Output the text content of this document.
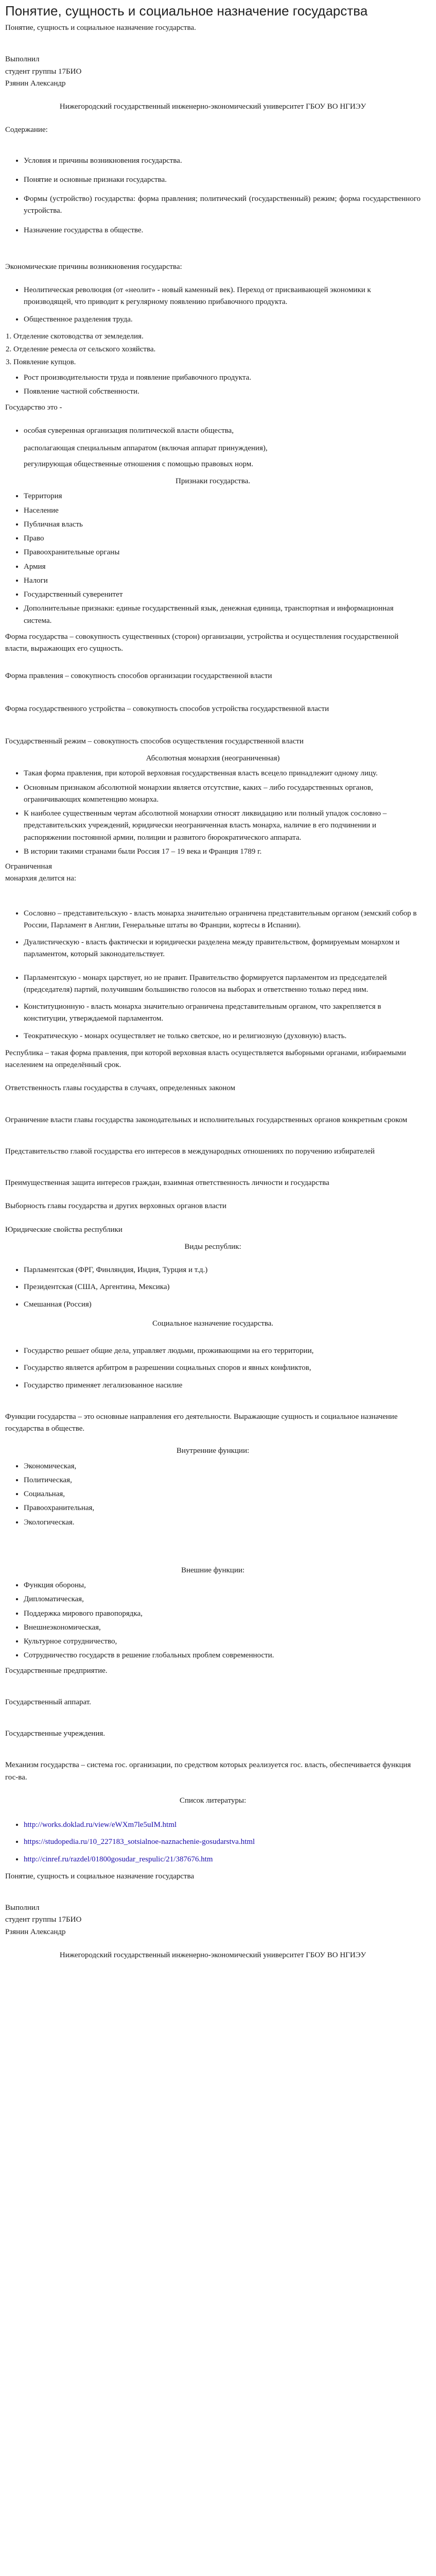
Понятие, сущность и социальное назначение государства

Понятие, сущность и социальное назначение государства.

Выполнил

студент группы 17БИО

Рзянин Александр

Нижегородский государственный инженерно-экономический университет ГБОУ ВО НГИЭУ

Содержание:

• Условия и причины возникновения государства.
• Понятие и основные признаки государства.
• Формы (устройство) государства: форма правления; политический (государственный) режим; форма государственного устройства.
• Назначение государства в обществе.

Экономические причины возникновения государства:

• Неолитическая революция (от «неолит» - новый каменный век). Переход от присваивающей экономики к производящей, что приводит к регулярному появлению прибавочного продукта.
• Общественное разделения труда.
1. Отделение скотоводства от земледелия.
2. Отделение ремесла от сельского хозяйства.
3. Появление купцов.
• Рост производительности труда и появление прибавочного продукта.
• Появление частной собственности.

Государство это -

• особая суверенная организация политической власти общества,

располагающая специальным аппаратом (включая аппарат принуждения),

регулирующая общественные отношения с помощью правовых норм.

Признаки государства.

• Территория
• Население
• Публичная власть
• Право
• Правоохранительные органы
• Армия
• Налоги
• Государственный суверенитет
• Дополнительные признаки: единые государственный язык, денежная единица, транспортная и информационная система.

Форма государства – совокупность существенных (сторон) организации, устройства и осуществления государственной власти, выражающих его сущность.

Форма правления – совокупность способов организации государственной власти

Форма государственного устройства – совокупность способов устройства государственной власти

Государственный режим – совокупность способов осуществления государственной власти

Абсолютная монархия (неограниченная)

• Такая форма правления, при которой верховная государственная власть всецело принадлежит одному лицу.
• Основным признаком абсолютной монархии является отсутствие, каких – либо государственных органов, ограничивающих компетенцию монарха.
• К наиболее существенным чертам абсолютной монархии относят ликвидацию или полный упадок сословно – представительских учреждений, юридически неограниченная власть монарха, наличие в его подчинении и распоряжении постоянной армии, полиции и развитого бюрократического аппарата.
• В истории такими странами были Россия 17 – 19 века и Франция 1789 г.

Ограниченная
монархия делится на:

• Сословно – представительскую - власть монарха значительно ограничена представительным органом (земский собор в России, Парламент в Англии, Генеральные штаты во Франции, кортесы в Испании).
• Дуалистическую - власть фактически и юридически разделена между правительством, формируемым монархом и парламентом, который законодательствует.
• Парламентскую - монарх царствует, но не правит. Правительство формируется парламентом из председателей (председателя) партий, получившим большинство голосов на выборах и ответственно только перед ним.
• Конституционную - власть монарха значительно ограничена представительным органом, что закрепляется в конституции, утверждаемой парламентом.
• Теократическую - монарх осуществляет не только светское, но и религиозную (духовную) власть.

Республика – такая форма правления, при которой верховная власть осуществляется выборными органами, избираемыми населением на определённый срок.

Ответственность главы государства в случаях, определенных законом

Ограничение власти главы государства законодательных и исполнительных государственных органов конкретным сроком

Представительство главой государства его интересов в международных отношениях по поручению избирателей

Преимущественная защита интересов граждан, взаимная ответственность личности и государства

Выборность главы государства и других верховных органов власти

Юридические свойства республики

Виды республик:

• Парламентская (ФРГ, Финляндия, Индия, Турция и т.д.)
• Президентская (США, Аргентина, Мексика)
• Смешанная (Россия)

Социальное назначение государства.

• Государство решает общие дела, управляет людьми, проживающими на его территории,
• Государство является арбитром в разрешении социальных споров и явных конфликтов,
• Государство применяет легализованное насилие

Функции государства – это основные направления его деятельности. Выражающие сущность и социальное назначение государства в обществе.

Внутренние функции:

• Экономическая,
• Политическая,
• Социальная,
• Правоохранительная,
• Экологическая.

Внешние функции:

• Функция обороны,
• Дипломатическая,
• Поддержка мирового правопорядка,
• Внешнеэкономическая,
• Культурное сотрудничество,
• Сотрудничество государств в решение глобальных проблем современности.

Государственные предприятие.

Государственный аппарат.

Государственные учреждения.

Механизм государства – система гос. организации, по средством которых реализуется гос. власть, обеспечивается функция гос-ва.

Список литературы:

• http://works.doklad.ru/view/eWXm7le5uIM.html
• https://studopedia.ru/10_227183_sotsialnoe-naznachenie-gosudarstva.html
• http://cinref.ru/razdel/01800gosudar_respulic/21/387676.htm

Понятие, сущность и социальное назначение государства

Выполнил

студент группы 17БИО

Рзянин Александр

Нижегородский государственный инженерно-экономический университет ГБОУ ВО НГИЭУ
